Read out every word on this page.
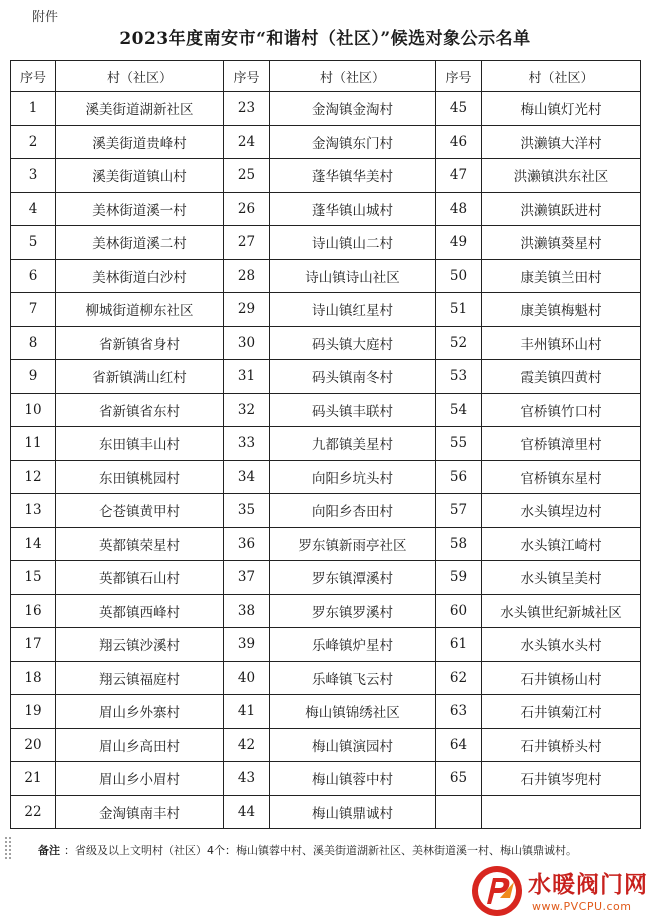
附件
2023年度南安市“和谐村（社区）”候选对象公示名单
序号	村（社区）	序号	村（社区）	序号	村（社区）
1	溪美街道湖新社区	23	金淘镇金淘村	45	梅山镇灯光村
2	溪美街道贵峰村	24	金淘镇东门村	46	洪濑镇大洋村
3	溪美街道镇山村	25	蓬华镇华美村	47	洪濑镇洪东社区
4	美林街道溪一村	26	蓬华镇山城村	48	洪濑镇跃进村
5	美林街道溪二村	27	诗山镇山二村	49	洪濑镇葵星村
6	美林街道白沙村	28	诗山镇诗山社区	50	康美镇兰田村
7	柳城街道柳东社区	29	诗山镇红星村	51	康美镇梅魁村
8	省新镇省身村	30	码头镇大庭村	52	丰州镇环山村
9	省新镇满山红村	31	码头镇南冬村	53	霞美镇四黄村
10	省新镇省东村	32	码头镇丰联村	54	官桥镇竹口村
11	东田镇丰山村	33	九都镇美星村	55	官桥镇漳里村
12	东田镇桃园村	34	向阳乡坑头村	56	官桥镇东星村
13	仑苍镇黄甲村	35	向阳乡杏田村	57	水头镇埕边村
14	英都镇荣星村	36	罗东镇新雨亭社区	58	水头镇江崎村
15	英都镇石山村	37	罗东镇潭溪村	59	水头镇呈美村
16	英都镇西峰村	38	罗东镇罗溪村	60	水头镇世纪新城社区
17	翔云镇沙溪村	39	乐峰镇炉星村	61	水头镇水头村
18	翔云镇福庭村	40	乐峰镇飞云村	62	石井镇杨山村
19	眉山乡外寨村	41	梅山镇锦绣社区	63	石井镇菊江村
20	眉山乡高田村	42	梅山镇演园村	64	石井镇桥头村
21	眉山乡小眉村	43	梅山镇蓉中村	65	石井镇岑兜村
22	金淘镇南丰村	44	梅山镇鼎诚村		
备注 ：省级及以上文明村（社区）4个：梅山镇蓉中村、溪美街道湖新社区、美林街道溪一村、梅山镇鼎诚村。
水暖阀门网
www.PVCPU.com
